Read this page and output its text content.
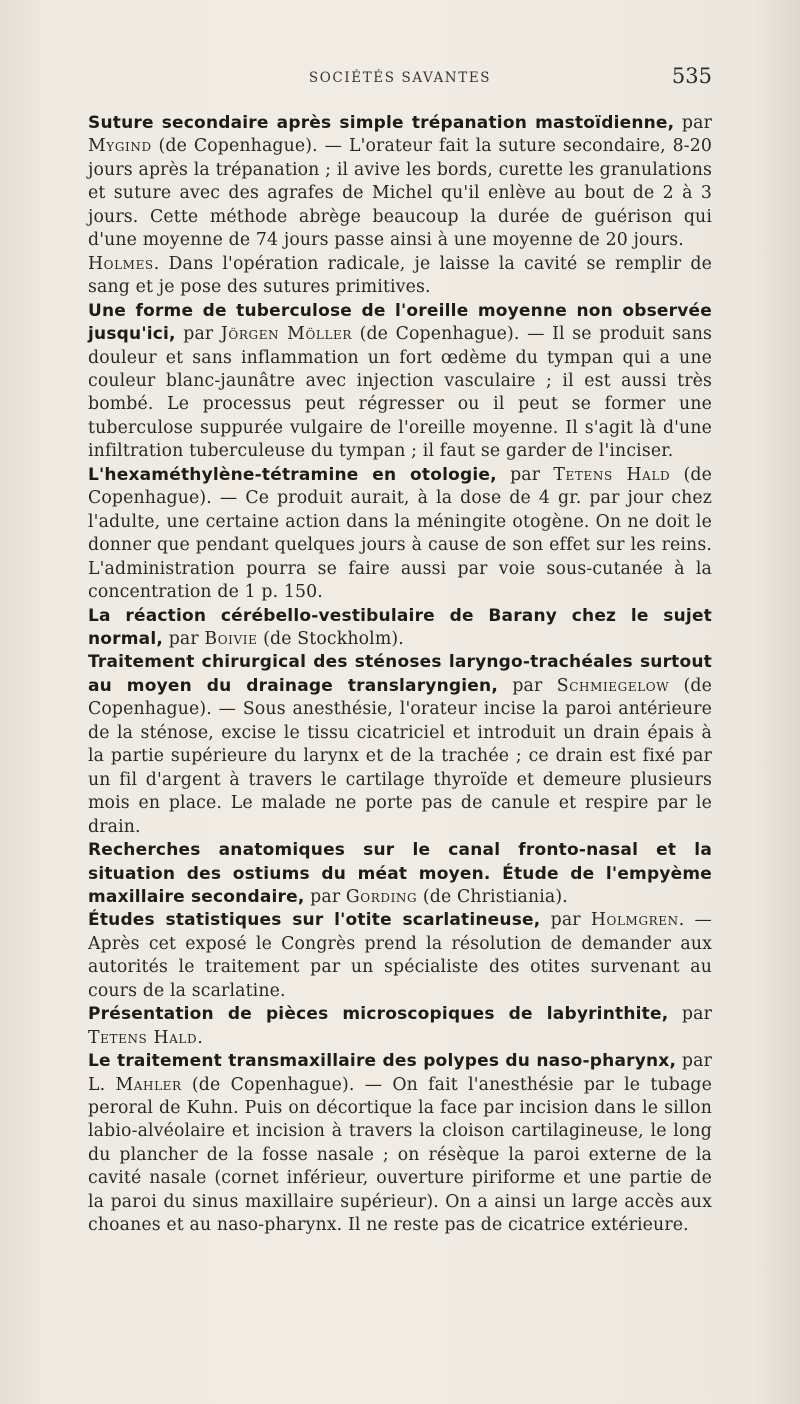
SOCIÉTÉS SAVANTES	535

Suture secondaire après simple trépanation mastoïdienne, par Mygind (de Copenhague). — L'orateur fait la suture secondaire, 8-20 jours après la trépanation ; il avive les bords, curette les granulations et suture avec des agrafes de Michel qu'il enlève au bout de 2 à 3 jours. Cette méthode abrège beaucoup la durée de guérison qui d'une moyenne de 74 jours passe ainsi à une moyenne de 20 jours.

Holmes. Dans l'opération radicale, je laisse la cavité se remplir de sang et je pose des sutures primitives.

Une forme de tuberculose de l'oreille moyenne non observée jusqu'ici, par Jörgen Möller (de Copenhague). — Il se produit sans douleur et sans inflammation un fort œdème du tympan qui a une couleur blanc-jaunâtre avec injection vasculaire ; il est aussi très bombé. Le processus peut régresser ou il peut se former une tuberculose suppurée vulgaire de l'oreille moyenne. Il s'agit là d'une infiltration tuberculeuse du tympan ; il faut se garder de l'inciser.

L'hexaméthylène-tétramine en otologie, par Tetens Hald (de Copenhague). — Ce produit aurait, à la dose de 4 gr. par jour chez l'adulte, une certaine action dans la méningite otogène. On ne doit le donner que pendant quelques jours à cause de son effet sur les reins. L'administration pourra se faire aussi par voie sous-cutanée à la concentration de 1 p. 150.

La réaction cérébello-vestibulaire de Barany chez le sujet normal, par Boivie (de Stockholm).

Traitement chirurgical des sténoses laryngo-trachéales surtout au moyen du drainage translaryngien, par Schmiegelow (de Copenhague). — Sous anesthésie, l'orateur incise la paroi antérieure de la sténose, excise le tissu cicatriciel et introduit un drain épais à la partie supérieure du larynx et de la trachée ; ce drain est fixé par un fil d'argent à travers le cartilage thyroïde et demeure plusieurs mois en place. Le malade ne porte pas de canule et respire par le drain.

Recherches anatomiques sur le canal fronto-nasal et la situation des ostiums du méat moyen. Étude de l'empyème maxillaire secondaire, par Gording (de Christiania).

Études statistiques sur l'otite scarlatineuse, par Holmgren. — Après cet exposé le Congrès prend la résolution de demander aux autorités le traitement par un spécialiste des otites survenant au cours de la scarlatine.

Présentation de pièces microscopiques de labyrinthite, par Tetens Hald.

Le traitement transmaxillaire des polypes du naso-pharynx, par L. Mahler (de Copenhague). — On fait l'anesthésie par le tubage peroral de Kuhn. Puis on décortique la face par incision dans le sillon labio-alvéolaire et incision à travers la cloison cartilagineuse, le long du plancher de la fosse nasale ; on résèque la paroi externe de la cavité nasale (cornet inférieur, ouverture piriforme et une partie de la paroi du sinus maxillaire supérieur). On a ainsi un large accès aux choanes et au naso-pharynx. Il ne reste pas de cicatrice extérieure.
